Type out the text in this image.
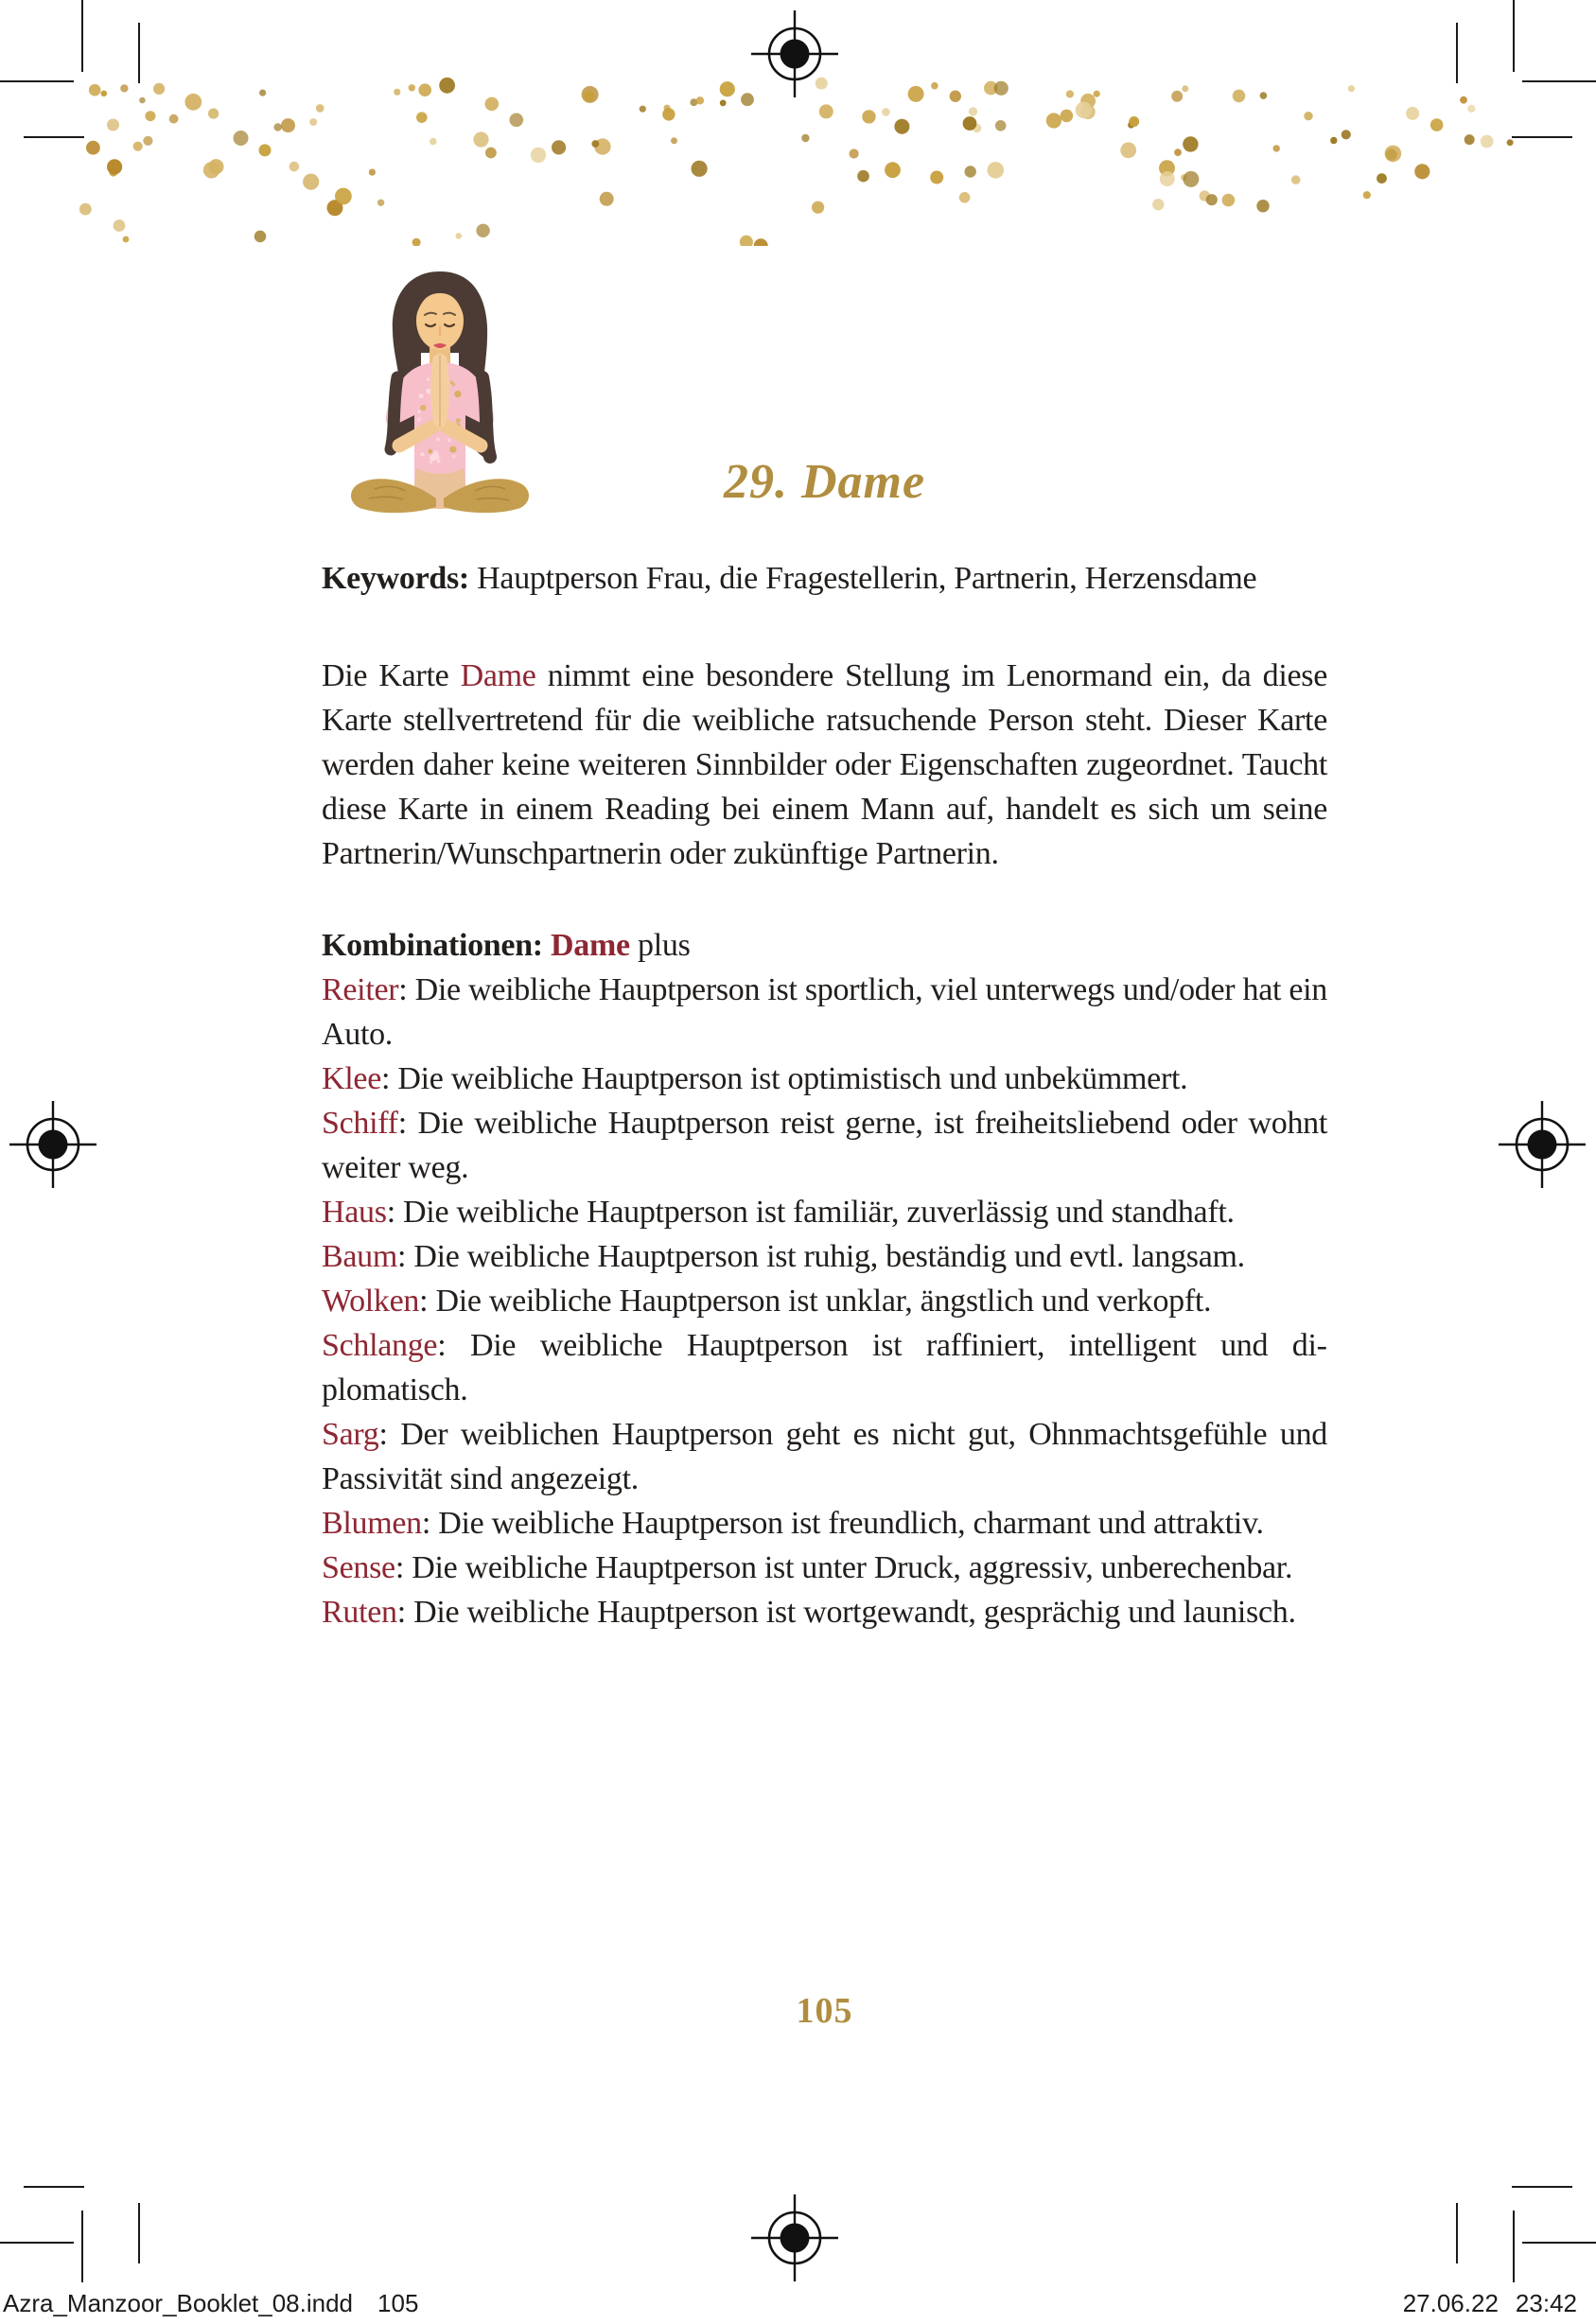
29. Dame

Keywords: Hauptperson Frau, die Fragestellerin, Partnerin, Herzensdame

Die Karte Dame nimmt eine besondere Stellung im Lenormand ein, da diese Karte stellvertretend für die weibliche ratsuchende Person steht. Dieser Karte werden daher keine weiteren Sinnbilder oder Eigenschaften zugeordnet. Taucht diese Karte in einem Reading bei einem Mann auf, handelt es sich um seine Partnerin/Wunschpartnerin oder zukünftige Partnerin.

Kombinationen: Dame plus

Reiter: Die weibliche Hauptperson ist sportlich, viel unterwegs und/oder hat ein Auto.

Klee: Die weibliche Hauptperson ist optimistisch und unbekümmert.

Schiff: Die weibliche Hauptperson reist gerne, ist freiheitsliebend oder wohnt weiter weg.

Haus: Die weibliche Hauptperson ist familiär, zuverlässig und standhaft.

Baum: Die weibliche Hauptperson ist ruhig, beständig und evtl. langsam.

Wolken: Die weibliche Hauptperson ist unklar, ängstlich und verkopft.

Schlange: Die weibliche Hauptperson ist raffiniert, intelligent und diplomatisch.

Sarg: Der weiblichen Hauptperson geht es nicht gut, Ohnmachtsgefühle und Passivität sind angezeigt.

Blumen: Die weibliche Hauptperson ist freundlich, charmant und attraktiv.

Sense: Die weibliche Hauptperson ist unter Druck, aggressiv, unberechenbar.

Ruten: Die weibliche Hauptperson ist wortgewandt, gesprächig und launisch.

105
Azra_Manzoor_Booklet_08.indd 105	27.06.22 23:42
